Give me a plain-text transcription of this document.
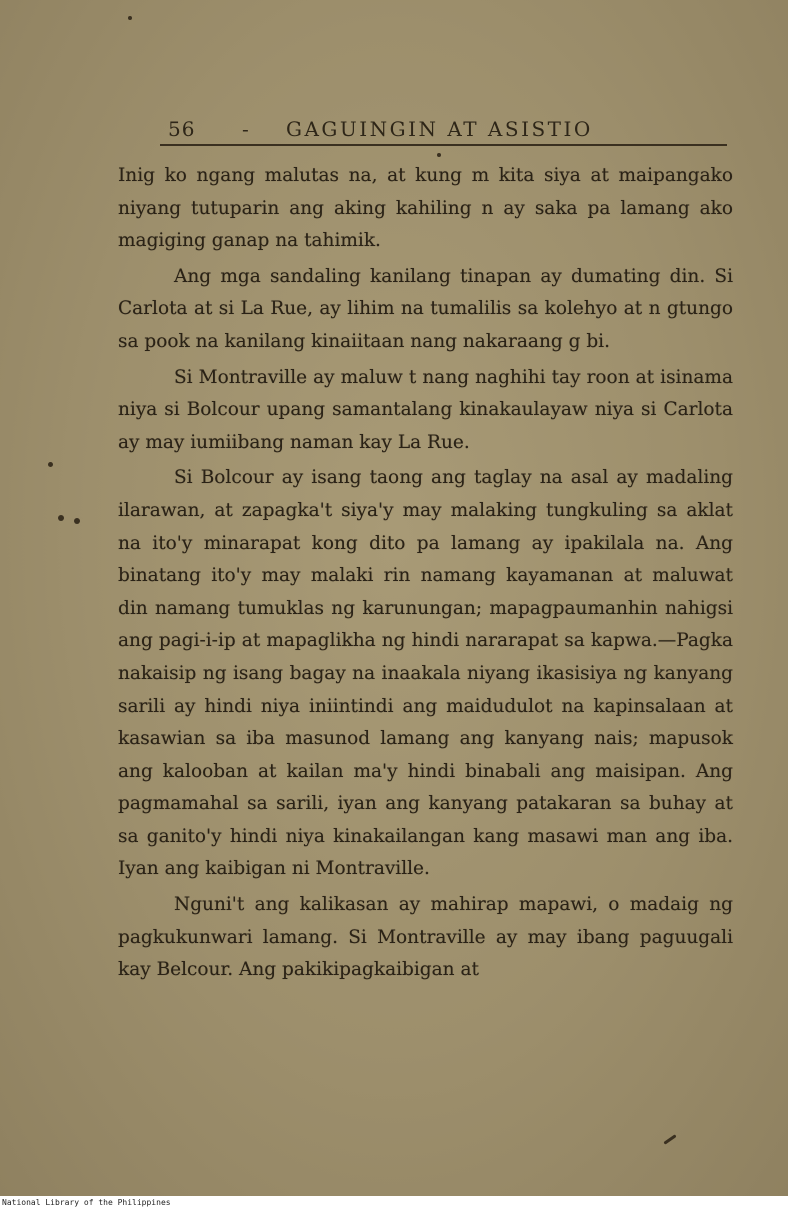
56 - GAGUINGIN AT ASISTIO

Inig ko ngang malutas na, at kung m kita siya at maipangako niyang tutuparin ang aking kahiling n ay saka pa lamang ako magiging ganap na tahimik.

Ang mga sandaling kanilang tinapan ay dumating din. Si Carlota at si La Rue, ay lihim na tumalilis sa kolehyo at n gtungo sa pook na kanilang kinaiitaan nang nakaraang g bi.

Si Montraville ay maluw t nang naghihi tay roon at isinama niya si Bolcour upang samantalang kinakaulayaw niya si Carlota ay may iumiibang naman kay La Rue.

Si Bolcour ay isang taong ang taglay na asal ay madaling ilarawan, at zapagka't siya'y may malaking tungkuling sa aklat na ito'y minarapat kong dito pa lamang ay ipakilala na. Ang binatang ito'y may malaki rin namang kayamanan at maluwat din namang tumuklas ng karunungan; mapagpaumanhin nahigsi ang pagi-i-ip at mapaglikha ng hindi nararapat sa kapwa.—Pagka nakaisip ng isang bagay na inaakala niyang ikasisiya ng kanyang sarili ay hindi niya iniintindi ang maidudulot na kapinsalaan at kasawian sa iba masunod lamang ang kanyang nais; mapusok ang kalooban at kailan ma'y hindi binabali ang maisipan. Ang pagmamahal sa sarili, iyan ang kanyang patakaran sa buhay at sa ganito'y hindi niya kinakailangan kang masawi man ang iba. Iyan ang kaibigan ni Montraville.

Nguni't ang kalikasan ay mahirap mapawi, o madaig ng pagkukunwari lamang. Si Montraville ay may ibang paguugali kay Belcour. Ang pakikipagkaibigan at

National Library of the Philippines
